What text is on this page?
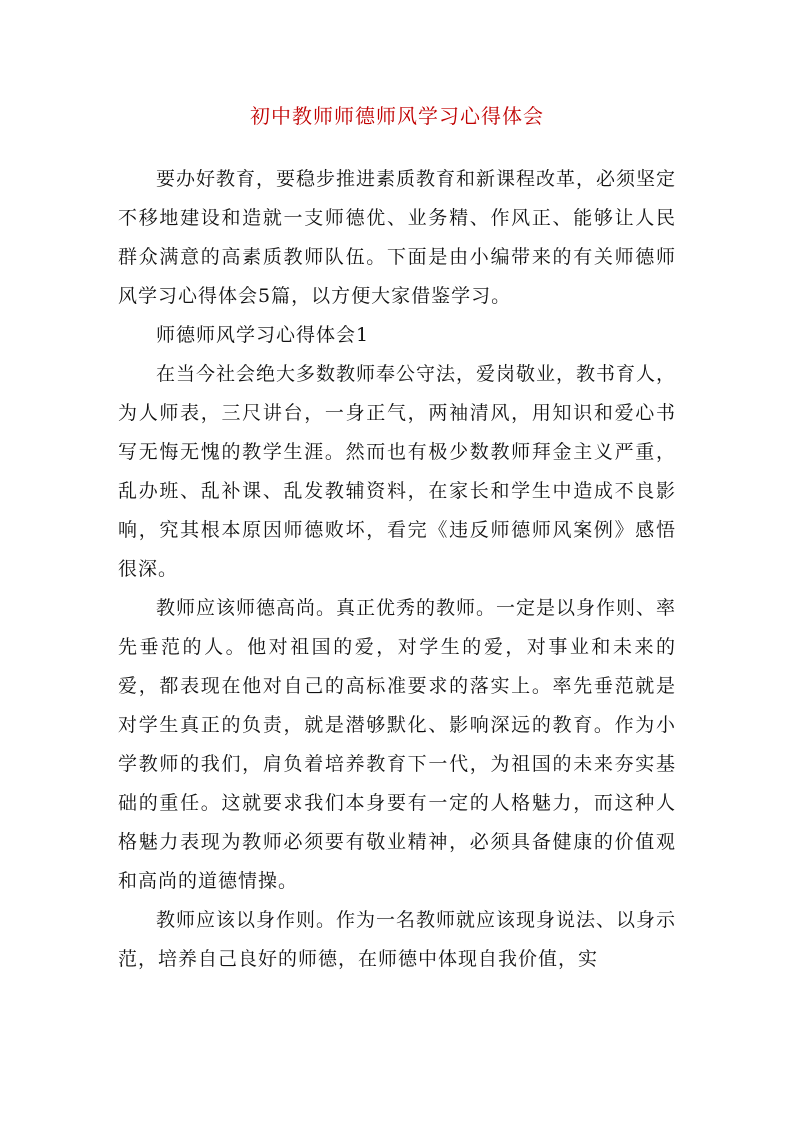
初中教师师德师风学习心得体会

要办好教育，要稳步推进素质教育和新课程改革，必须坚定不移地建设和造就一支师德优、业务精、作风正、能够让人民群众满意的高素质教师队伍。下面是由小编带来的有关师德师风学习心得体会5篇，以方便大家借鉴学习。

师德师风学习心得体会1

在当今社会绝大多数教师奉公守法，爱岗敬业，教书育人，为人师表，三尺讲台，一身正气，两袖清风，用知识和爱心书写无悔无愧的教学生涯。然而也有极少数教师拜金主义严重，乱办班、乱补课、乱发教辅资料，在家长和学生中造成不良影响，究其根本原因师德败坏，看完《违反师德师风案例》感悟很深。

教师应该师德高尚。真正优秀的教师。一定是以身作则、率先垂范的人。他对祖国的爱，对学生的爱，对事业和未来的爱，都表现在他对自己的高标准要求的落实上。率先垂范就是对学生真正的负责，就是潜够默化、影响深远的教育。作为小学教师的我们，肩负着培养教育下一代，为祖国的未来夯实基础的重任。这就要求我们本身要有一定的人格魅力，而这种人格魅力表现为教师必须要有敬业精神，必须具备健康的价值观和高尚的道德情操。

教师应该以身作则。作为一名教师就应该现身说法、以身示范，培养自己良好的师德，在师德中体现自我价值，实
